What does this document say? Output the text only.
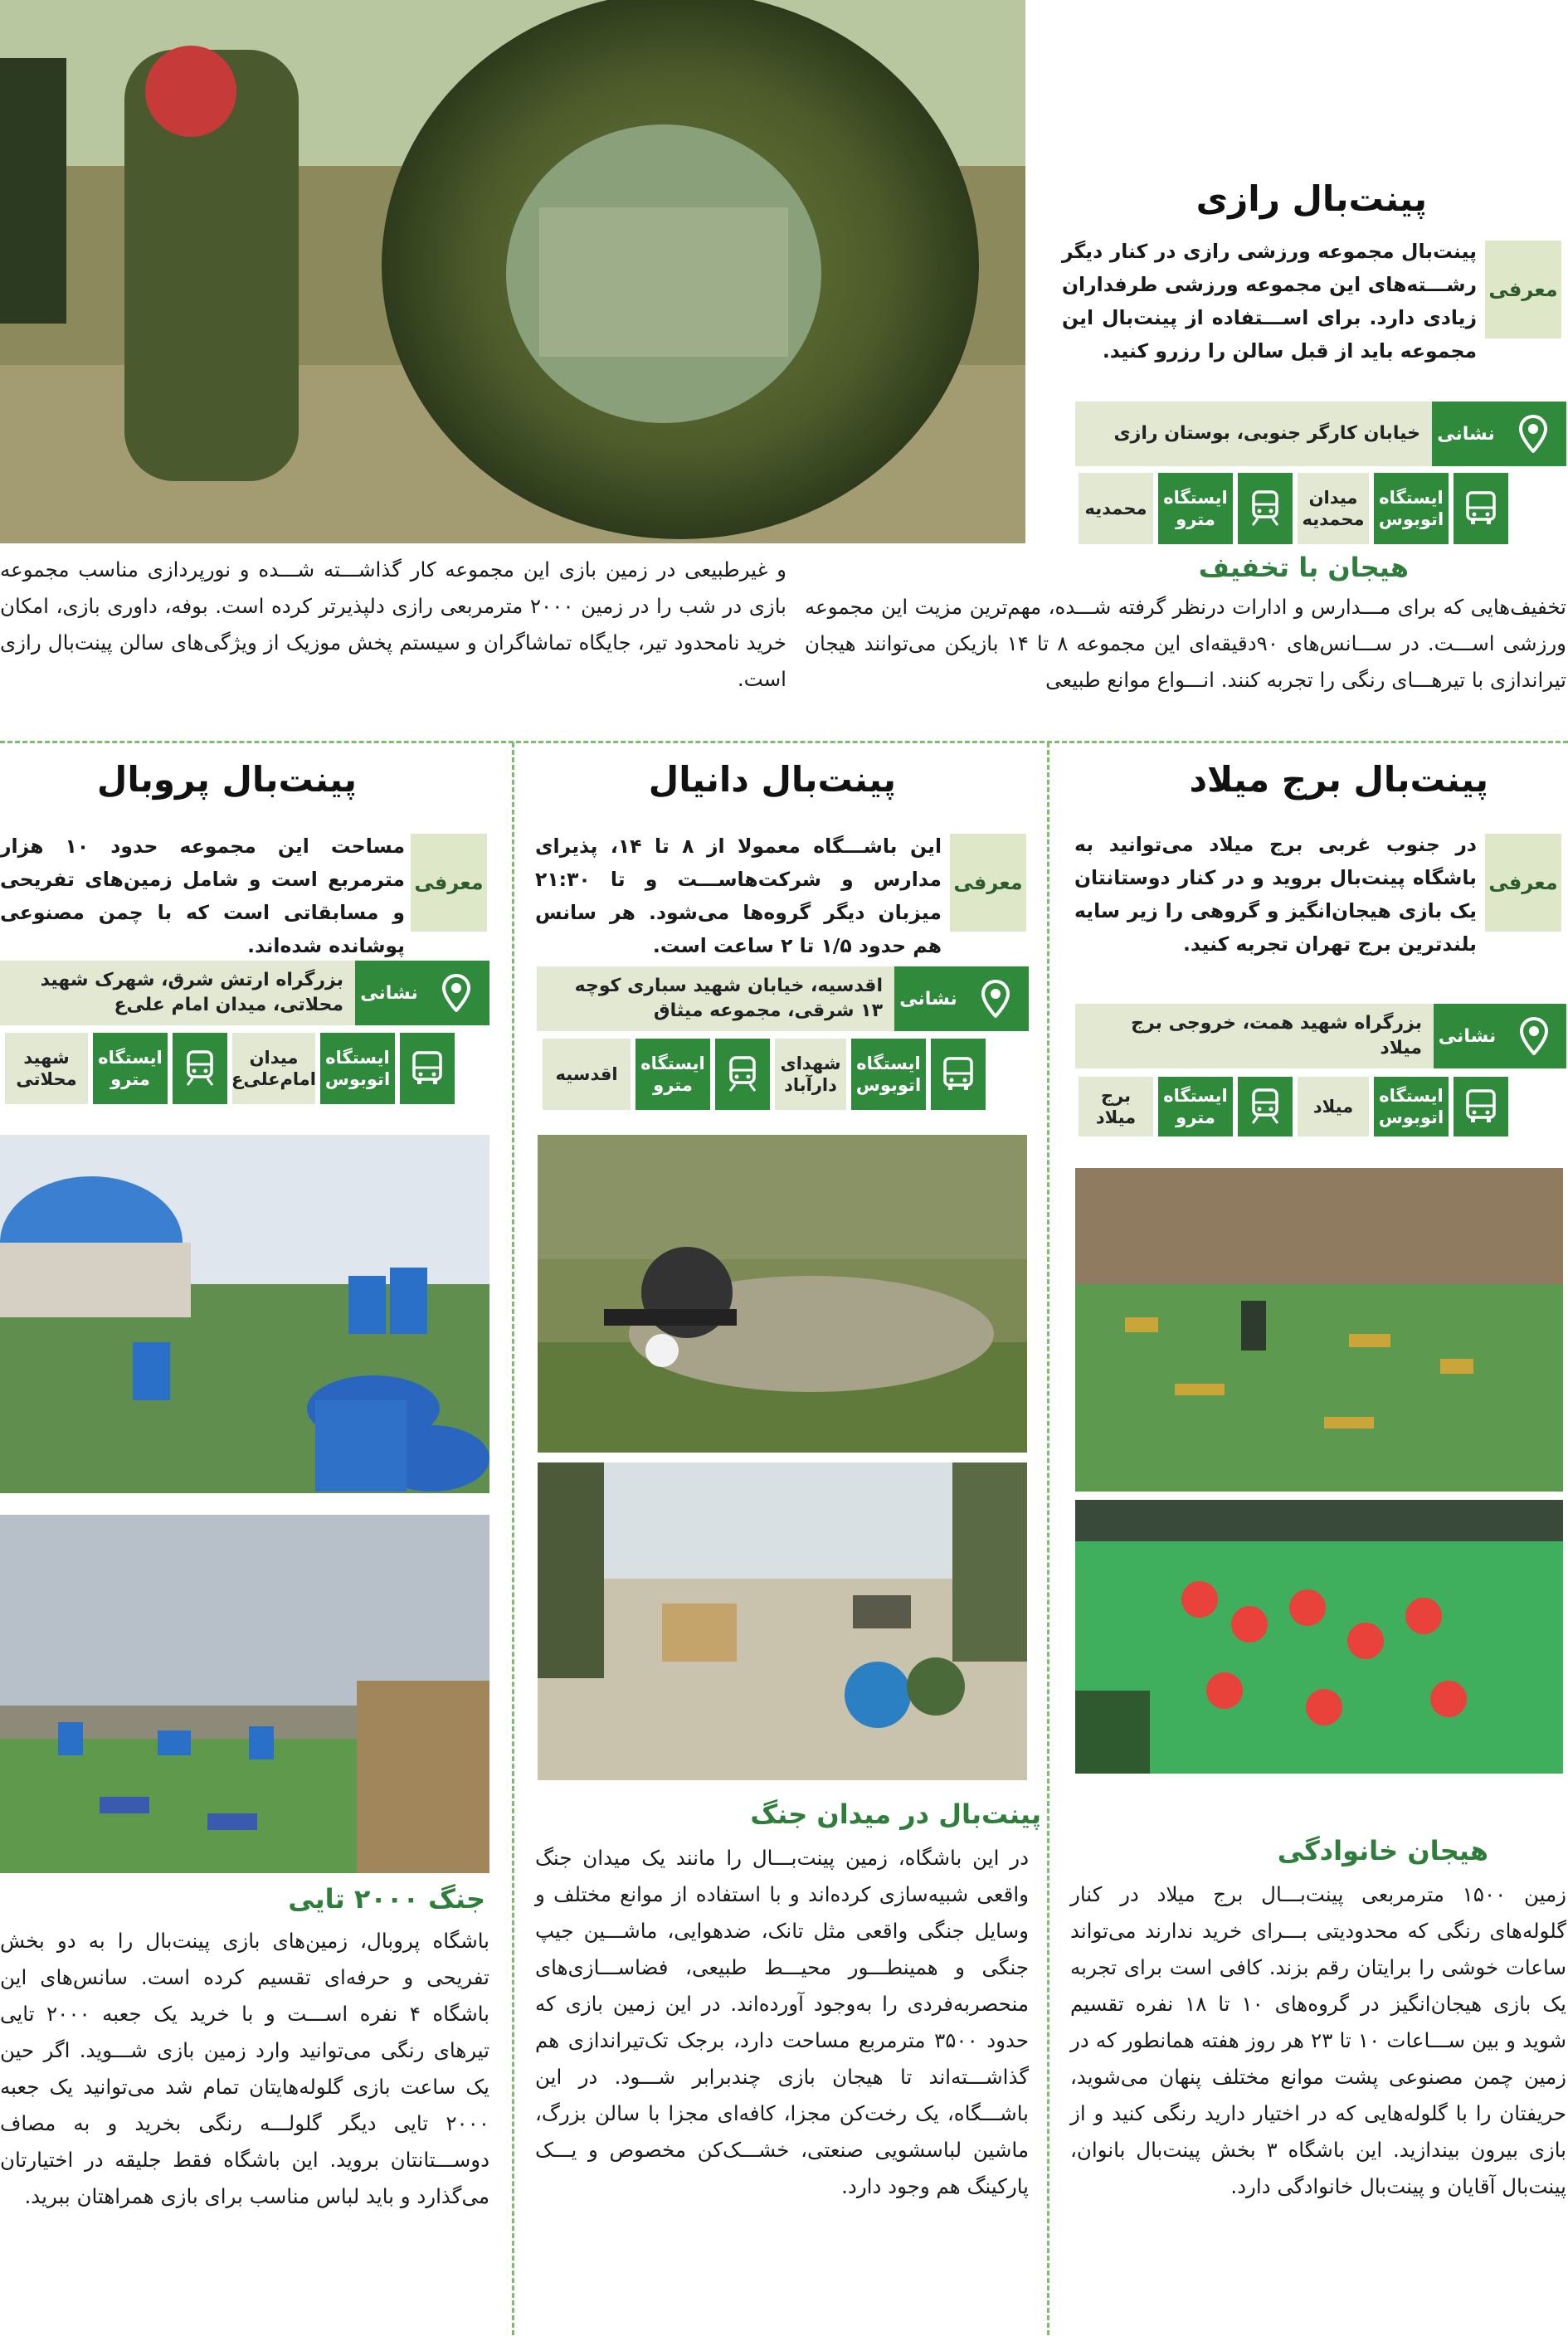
پینت‌بال رازی
معرفی
پینت‌بال مجموعه ورزشی رازی در کنار دیگر رشـــته‌های این مجموعه ورزشی طرفداران زیادی دارد. برای اســـتفاده از پینت‌بال این مجموعه باید از قبل سالن را رزرو کنید.
نشانی
خیابان کارگر جنوبی، بوستان رازی
ایستگاه اتوبوس
میدان محمدیه
ایستگاه مترو
محمدیه
هیجان با تخفیف
تخفیف‌هایی که برای مـــدارس و ادارات درنظر گرفته شـــده، مهم‌ترین مزیت این مجموعه ورزشی اســـت. در ســـانس‌های ۹۰دقیقه‌ای این مجموعه ۸ تا ۱۴ بازیکن می‌توانند هیجان تیراندازی با تیرهـــای رنگی را تجربه کنند. انـــواع موانع طبیعی
و غیرطبیعی در زمین بازی این مجموعه کار گذاشـــته شـــده و نورپردازی مناسب مجموعه بازی در شب را در زمین ۲۰۰۰ مترمربعی رازی دلپذیرتر کرده است. بوفه، داوری بازی، امکان خرید نامحدود تیر، جایگاه تماشاگران و سیستم پخش موزیک از ویژگی‌های سالن پینت‌بال رازی است.
پینت‌بال برج میلاد
معرفی
در جنوب غربی برج میلاد می‌توانید به باشگاه پینت‌بال بروید و در کنار دوستانتان یک بازی هیجان‌انگیز و گروهی را زیر سایه بلندترین برج تهران تجربه کنید.
نشانی
بزرگراه شهید همت، خروجی برج میلاد
ایستگاه اتوبوس
میلاد
ایستگاه مترو
برج میلاد
هیجان خانوادگی
زمین ۱۵۰۰ مترمربعی پینت‌بـــال برج میلاد در کنار گلوله‌های رنگی که محدودیتی بـــرای خرید ندارند می‌تواند ساعات خوشی را برایتان رقم بزند. کافی است برای تجربه یک بازی هیجان‌انگیز در گروه‌های ۱۰ تا ۱۸ نفره تقسیم شوید و بین ســـاعات ۱۰ تا ۲۳ هر روز هفته همانطور که در زمین چمن مصنوعی پشت موانع مختلف پنهان می‌شوید، حریفتان را با گلوله‌هایی که در اختیار دارید رنگی کنید و از بازی بیرون بیندازید. این باشگاه ۳ بخش پینت‌بال بانوان، پینت‌بال آقایان و پینت‌بال خانوادگی دارد.
پینت‌بال دانیال
معرفی
این باشـــگاه معمولا از ۸ تا ۱۴، پذیرای مدارس و شرکت‌هاســـت و تا ۲۱:۳۰ میزبان دیگر گروه‌ها می‌شود. هر سانس هم حدود ۱/۵ تا ۲ ساعت است.
نشانی
اقدسیه، خیابان شهید سباری کوچه ۱۳ شرقی، مجموعه میثاق
ایستگاه اتوبوس
شهدای دارآباد
ایستگاه مترو
اقدسیه
پینت‌بال در میدان جنگ
در این باشگاه، زمین پینت‌بـــال را مانند یک میدان جنگ واقعی شبیه‌سازی کرده‌اند و با استفاده از موانع مختلف و وسایل جنگی واقعی مثل تانک، ضدهوایی، ماشـــین جیپ جنگی و همینطـــور محیـــط طبیعی، فضاســـازی‌های منحصربه‌فردی را به‌وجود آورده‌اند. در این زمین بازی که حدود ۳۵۰۰ مترمربع مساحت دارد، برجک تک‌تیراندازی هم گذاشـــته‌اند تا هیجان بازی چندبرابر شـــود. در این باشـــگاه، یک رخت‌کن مجزا، کافه‌ای مجزا با سالن بزرگ، ماشین لباسشویی صنعتی، خشـــک‌کن مخصوص و یـــک پارکینگ هم وجود دارد.
پینت‌بال پروبال
معرفی
مساحت این مجموعه حدود ۱۰ هزار مترمربع است و شامل زمین‌های تفریحی و مسابقاتی است که با چمن مصنوعی پوشانده شده‌اند.
نشانی
بزرگراه ارتش شرق، شهرک شهید محلاتی، میدان امام علی‌ع
ایستگاه اتوبوس
میدان امام‌علی‌ع
ایستگاه مترو
شهید محلاتی
جنگ ۲۰۰۰ تایی
باشگاه پروبال، زمین‌های بازی پینت‌بال را به دو بخش تفریحی و حرفه‌ای تقسیم کرده است. سانس‌های این باشگاه ۴ نفره اســـت و با خرید یک جعبه ۲۰۰۰ تایی تیرهای رنگی می‌توانید وارد زمین بازی شـــوید. اگر حین یک ساعت بازی گلوله‌هایتان تمام شد می‌توانید یک جعبه ۲۰۰۰ تایی دیگر گلولـــه رنگی بخرید و به مصاف دوســـتانتان بروید. این باشگاه فقط جلیقه در اختیارتان می‌گذارد و باید لباس مناسب برای بازی همراهتان ببرید.
